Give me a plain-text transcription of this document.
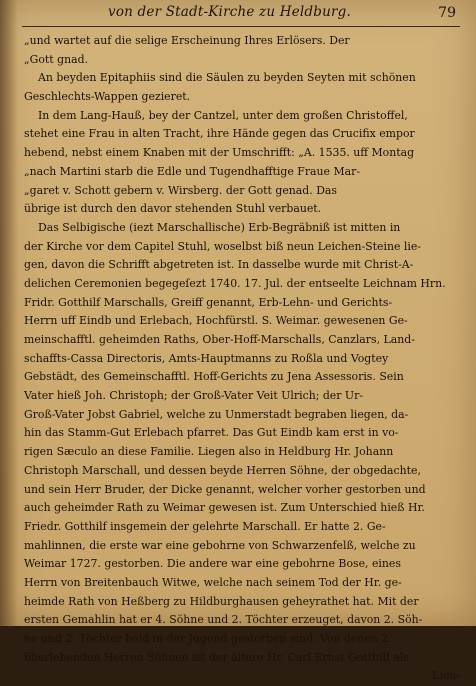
von der Stadt-Kirche zu Heldburg.	79
„und wartet auf die selige Erscheinung Ihres Erlösers. Der
„Gott gnad.
An beyden Epitaphiis sind die Säulen zu beyden Seyten mit schönen
Geschlechts-Wappen gezieret.
In dem Lang-Hauß, bey der Cantzel, unter dem großen Christoffel,
stehet eine Frau in alten Tracht, ihre Hände gegen das Crucifix empor
hebend, nebst einem Knaben mit der Umschrifft: „A. 1535. uff Montag
„nach Martini starb die Edle und Tugendhafftige Fraue Mar-
„garet v. Schott gebern v. Wirsberg. der Gott genad. Das
übrige ist durch den davor stehenden Stuhl verbauet.
Das Selbigische (iezt Marschallische) Erb-Begräbniß ist mitten in
der Kirche vor dem Capitel Stuhl, woselbst biß neun Leichen-Steine lie-
gen, davon die Schrifft abgetreten ist. In dasselbe wurde mit Christ-A-
delichen Ceremonien begegeſezt 1740. 17. Jul. der entseelte Leichnam Hrn.
Fridr. Gotthilf Marschalls, Greiff genannt, Erb-Lehn- und Gerichts-
Herrn uff Eindb und Erlebach, Hochfürstl. S. Weimar. gewesenen Ge-
meinschafftl. geheimden Raths, Ober-Hoff-Marschalls, Canzlars, Land-
schaffts-Cassa Directoris, Amts-Hauptmanns zu Roßla und Vogtey
Gebstädt, des Gemeinschafftl. Hoff-Gerichts zu Jena Assessoris. Sein
Vater hieß Joh. Christoph; der Groß-Vater Veit Ulrich; der Ur-
Groß-Vater Jobst Gabriel, welche zu Unmerstadt begraben liegen, da-
hin das Stamm-Gut Erlebach pfarret. Das Gut Eindb kam erst in vo-
rigen Sæculo an diese Familie. Liegen also in Heldburg Hr. Johann
Christoph Marschall, und dessen beyde Herren Söhne, der obgedachte,
und sein Herr Bruder, der Dicke genannt, welcher vorher gestorben und
auch geheimder Rath zu Weimar gewesen ist. Zum Unterschied hieß Hr.
Friedr. Gotthilf insgemein der gelehrte Marschall. Er hatte 2. Ge-
mahlinnen, die erste war eine gebohrne von Schwarzenfelß, welche zu
Weimar 1727. gestorben. Die andere war eine gebohrne Bose, eines
Herrn von Breitenbauch Witwe, welche nach seinem Tod der Hr. ge-
heimde Rath von Heßberg zu Hildburghausen geheyrathet hat. Mit der
ersten Gemahlin hat er 4. Söhne und 2. Töchter erzeuget, davon 2. Söh-
ne und 2. Töchter bald in der Jugend gestorben sind. Von denen 2.
überlebenden Herren Söhnen ist der ältere Hr. Carl Ernst Gotthilf als
Lieu-
